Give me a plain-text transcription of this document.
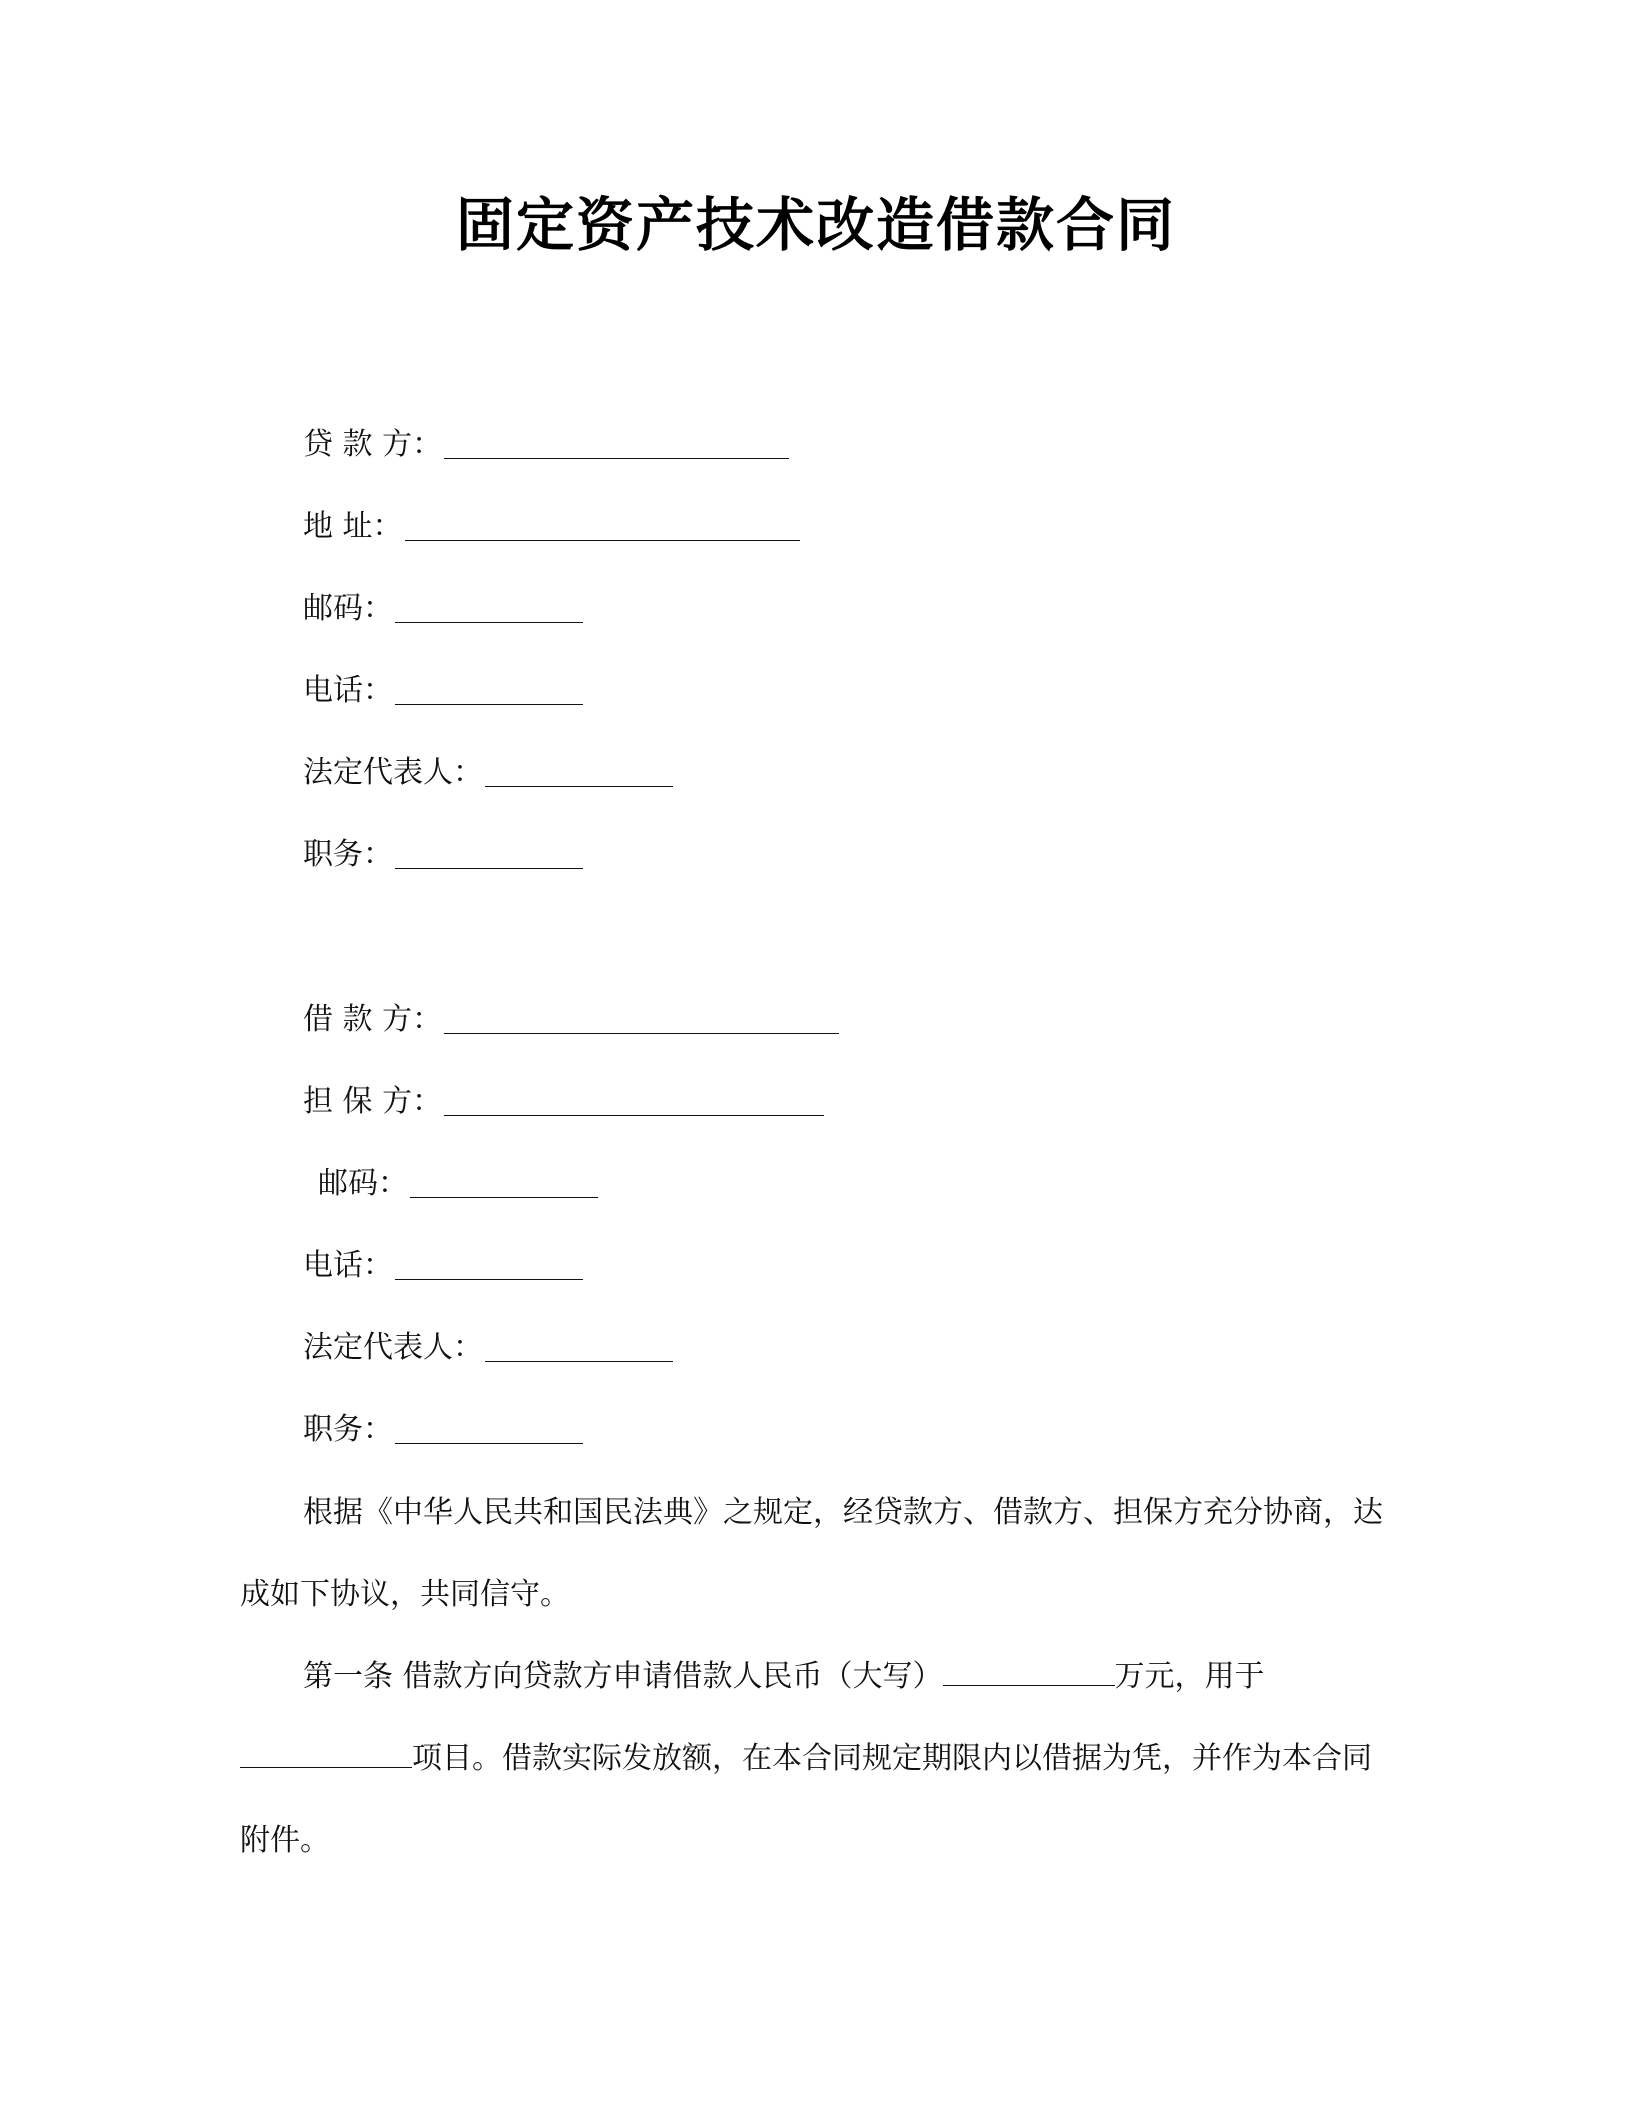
固定资产技术改造借款合同
贷 款 方：
地 址：
邮码：
电话：
法定代表人：
职务：
借 款 方：
担 保 方：
邮码：
电话：
法定代表人：
职务：
根据《中华人民共和国民法典》之规定，经贷款方、借款方、担保方充分协商，达成如下协议，共同信守。
第一条 借款方向贷款方申请借款人民币（大写）	万元，用于项目。借款实际发放额，在本合同规定期限内以借据为凭，并作为本合同附件。
